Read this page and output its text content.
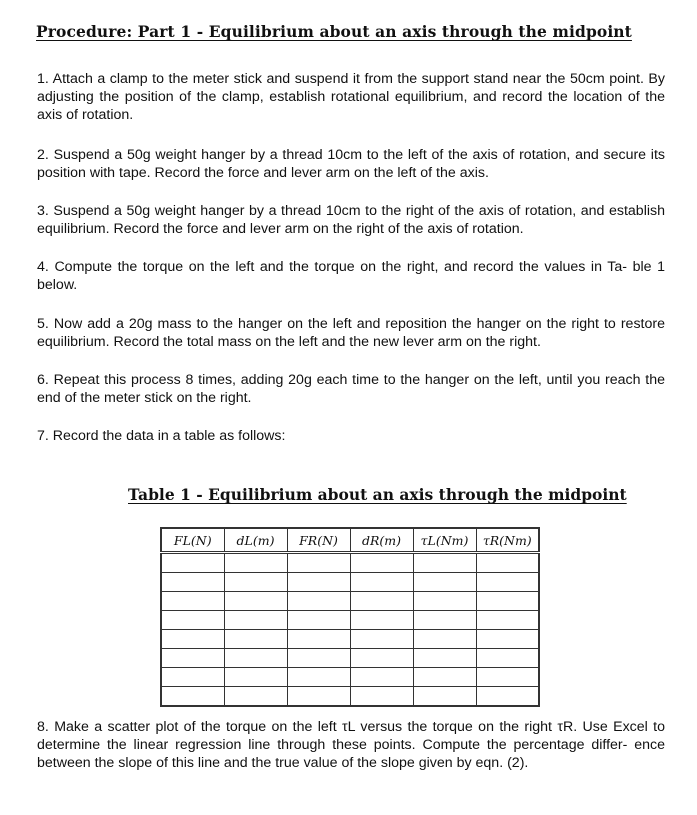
Procedure: Part 1 - Equilibrium about an axis through the midpoint
1. Attach a clamp to the meter stick and suspend it from the support stand near the 50cm point. By adjusting the position of the clamp, establish rotational equilibrium, and record the location of the axis of rotation.
2. Suspend a 50g weight hanger by a thread 10cm to the left of the axis of rotation, and secure its position with tape. Record the force and lever arm on the left of the axis.
3. Suspend a 50g weight hanger by a thread 10cm to the right of the axis of rotation, and establish equilibrium. Record the force and lever arm on the right of the axis of rotation.
4. Compute the torque on the left and the torque on the right, and record the values in Ta- ble 1 below.
5. Now add a 20g mass to the hanger on the left and reposition the hanger on the right to restore equilibrium. Record the total mass on the left and the new lever arm on the right.
6. Repeat this process 8 times, adding 20g each time to the hanger on the left, until you reach the end of the meter stick on the right.
7. Record the data in a table as follows:
Table 1 - Equilibrium about an axis through the midpoint
FL(N)	dL(m)	FR(N)	dR(m)	τL(Nm)	τR(Nm)

8. Make a scatter plot of the torque on the left τL versus the torque on the right τR. Use Excel to determine the linear regression line through these points. Compute the percentage differ- ence between the slope of this line and the true value of the slope given by eqn. (2).
